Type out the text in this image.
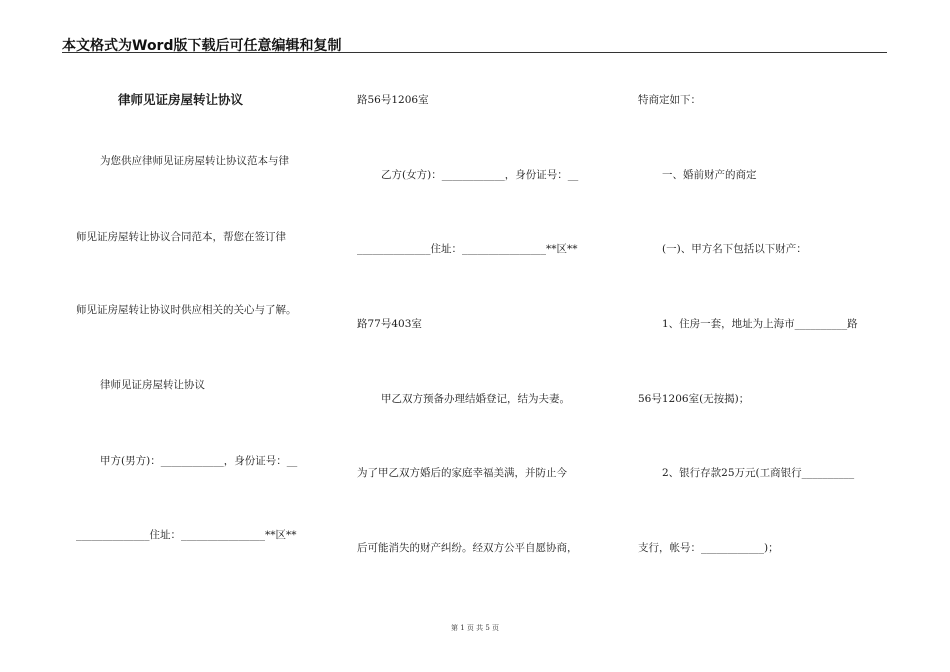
本文格式为Word版下载后可任意编辑和复制
律师见证房屋转让协议
为您供应律师见证房屋转让协议范本与律
师见证房屋转让协议合同范本，帮您在签订律
师见证房屋转让协议时供应相关的关心与了解。
律师见证房屋转让协议
甲方(男方)：____________，身份证号：__
______________住址：________________**区**
路56号1206室
乙方(女方)：____________，身份证号：__
______________住址：________________**区**
路77号403室
甲乙双方预备办理结婚登记，结为夫妻。
为了甲乙双方婚后的家庭幸福美满，并防止今
后可能消失的财产纠纷。经双方公平自愿协商，
特商定如下：
一、婚前财产的商定
(一)、甲方名下包括以下财产：
1、住房一套，地址为上海市__________路
56号1206室(无按揭)；
2、银行存款25万元(工商银行__________
支行，帐号：____________)；
第 1 页 共 5 页
